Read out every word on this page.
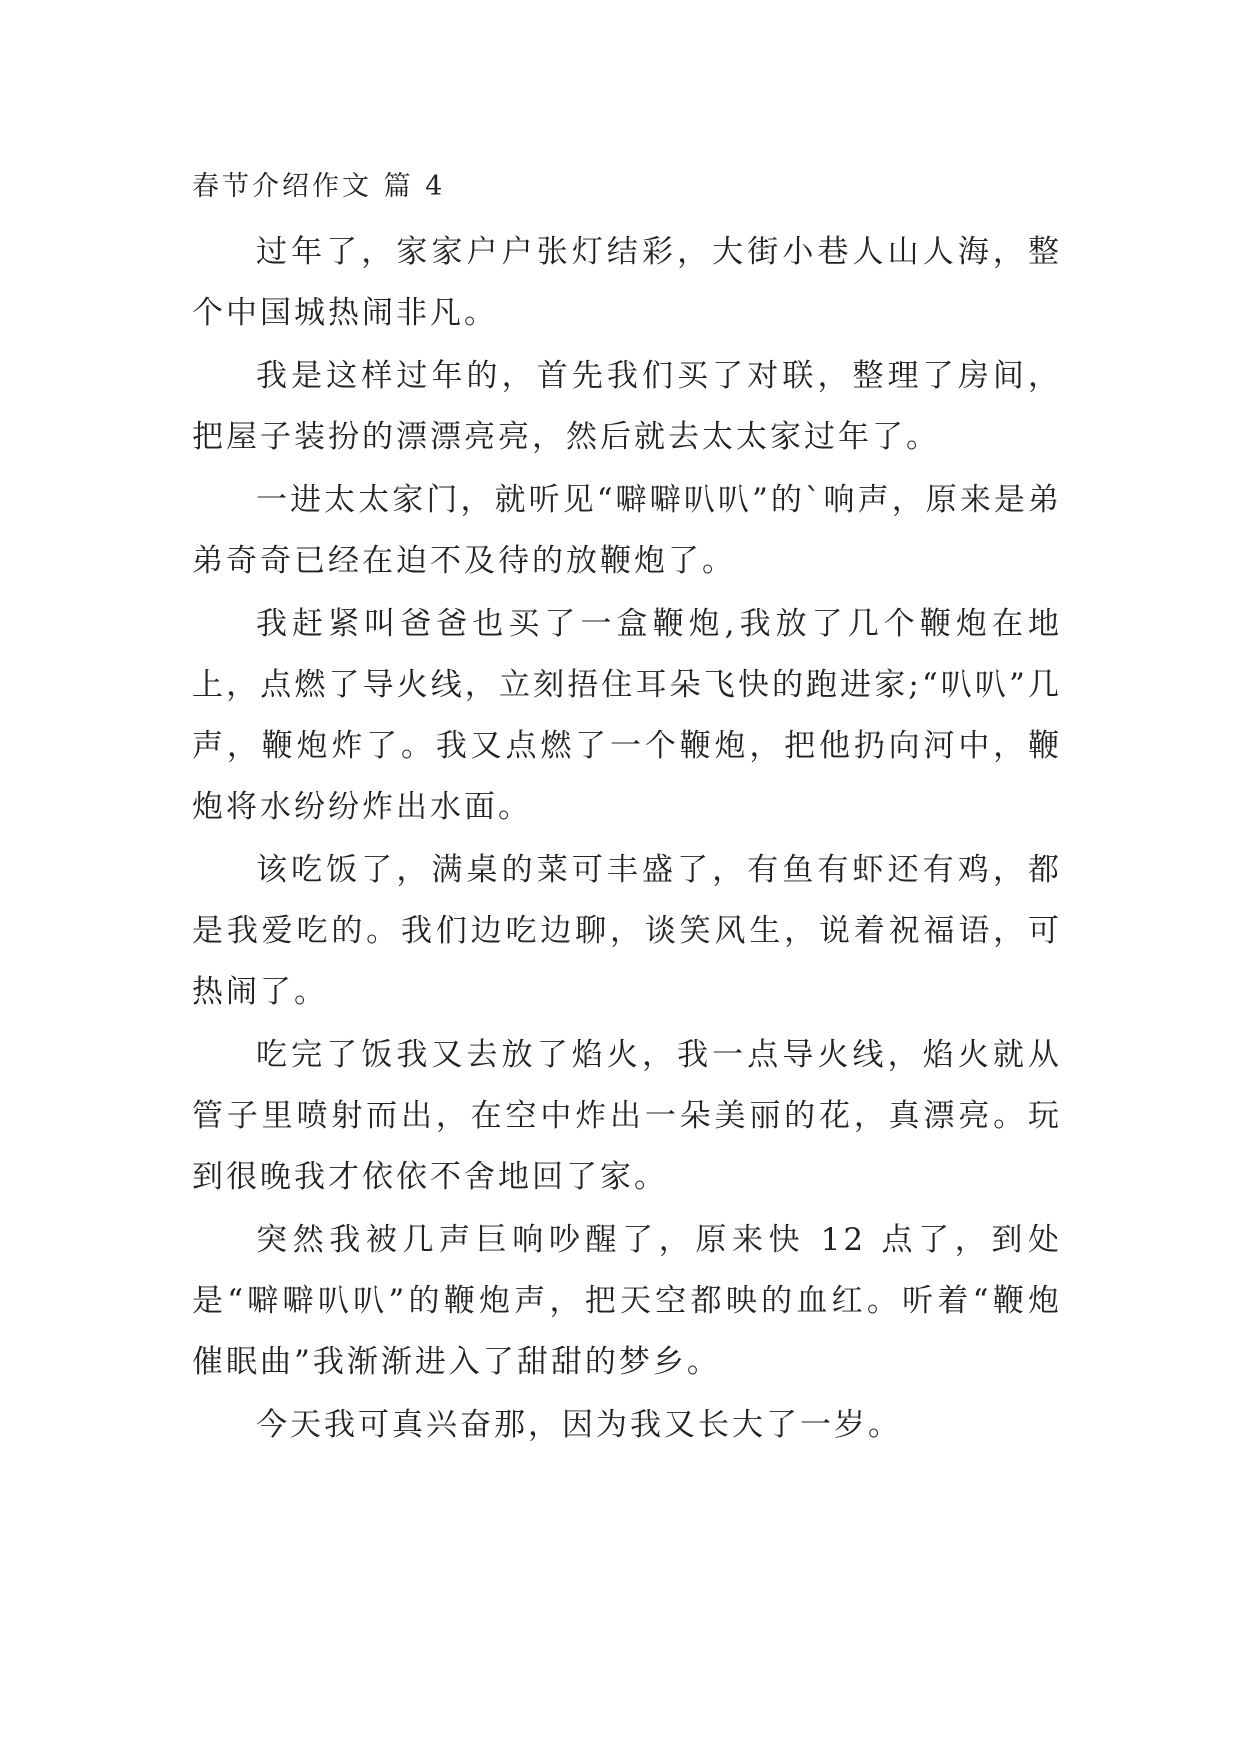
春节介绍作文 篇 4

过年了，家家户户张灯结彩，大街小巷人山人海，整个中国城热闹非凡。

我是这样过年的，首先我们买了对联，整理了房间，把屋子装扮的漂漂亮亮，然后就去太太家过年了。

一进太太家门，就听见“噼噼叭叭”的`响声，原来是弟弟奇奇已经在迫不及待的放鞭炮了。

我赶紧叫爸爸也买了一盒鞭炮,我放了几个鞭炮在地上，点燃了导火线，立刻捂住耳朵飞快的跑进家;“叭叭”几声，鞭炮炸了。我又点燃了一个鞭炮，把他扔向河中，鞭炮将水纷纷炸出水面。

该吃饭了，满桌的菜可丰盛了，有鱼有虾还有鸡，都是我爱吃的。我们边吃边聊，谈笑风生，说着祝福语，可热闹了。

吃完了饭我又去放了焰火，我一点导火线，焰火就从管子里喷射而出，在空中炸出一朵美丽的花，真漂亮。玩到很晚我才依依不舍地回了家。

突然我被几声巨响吵醒了，原来快 12 点了，到处是“噼噼叭叭”的鞭炮声，把天空都映的血红。听着“鞭炮催眠曲”我渐渐进入了甜甜的梦乡。

今天我可真兴奋那，因为我又长大了一岁。
